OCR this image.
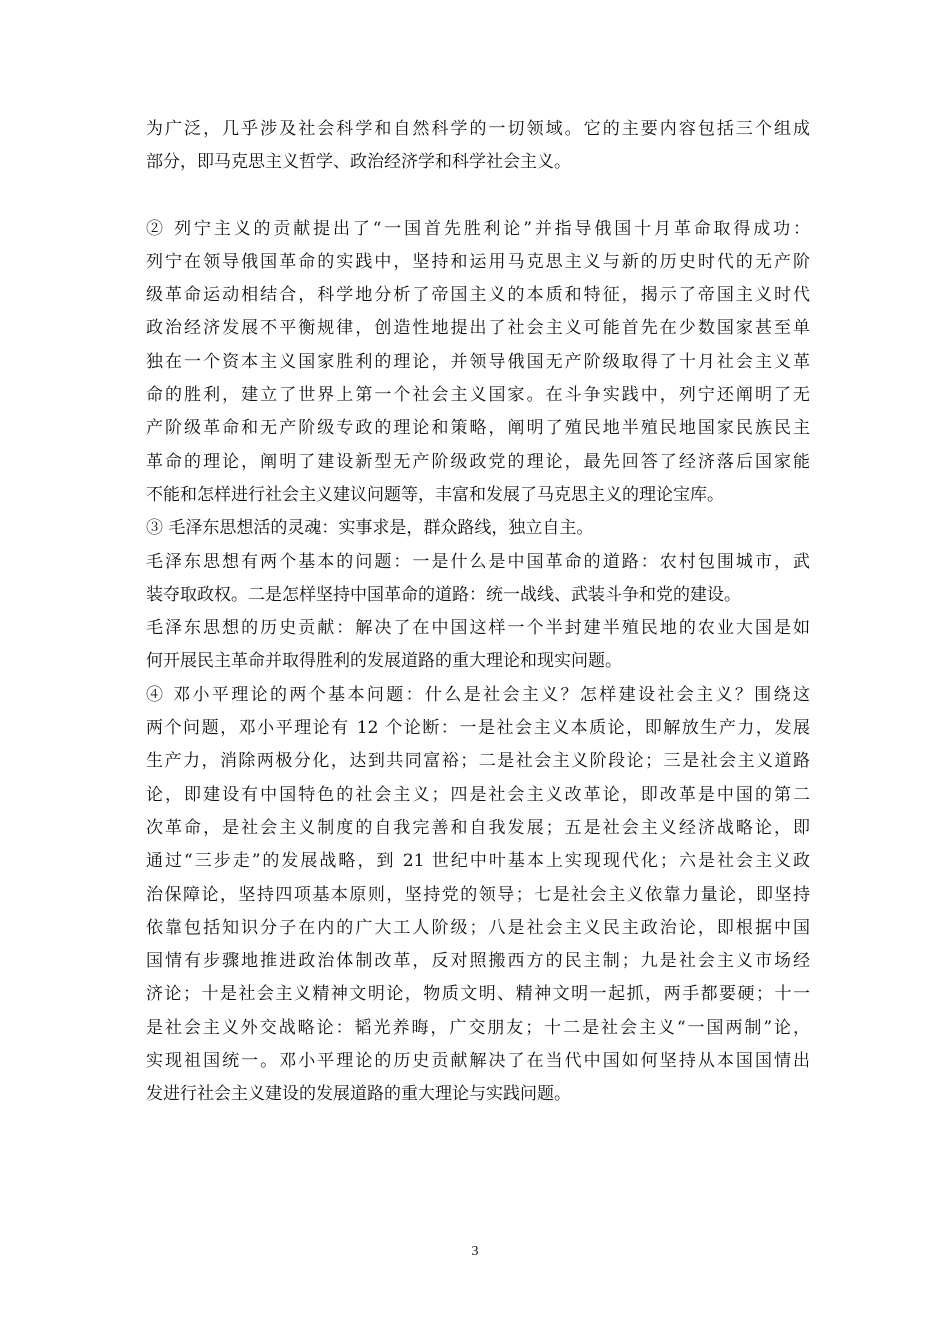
为广泛，几乎涉及社会科学和自然科学的一切领域。它的主要内容包括三个组成
部分，即马克思主义哲学、政治经济学和科学社会主义。
② 列宁主义的贡献提出了“一国首先胜利论”并指导俄国十月革命取得成功：
列宁在领导俄国革命的实践中，坚持和运用马克思主义与新的历史时代的无产阶
级革命运动相结合，科学地分析了帝国主义的本质和特征，揭示了帝国主义时代
政治经济发展不平衡规律，创造性地提出了社会主义可能首先在少数国家甚至单
独在一个资本主义国家胜利的理论，并领导俄国无产阶级取得了十月社会主义革
命的胜利，建立了世界上第一个社会主义国家。在斗争实践中，列宁还阐明了无
产阶级革命和无产阶级专政的理论和策略，阐明了殖民地半殖民地国家民族民主
革命的理论，阐明了建设新型无产阶级政党的理论，最先回答了经济落后国家能
不能和怎样进行社会主义建议问题等，丰富和发展了马克思主义的理论宝库。
③ 毛泽东思想活的灵魂：实事求是，群众路线，独立自主。
毛泽东思想有两个基本的问题：一是什么是中国革命的道路：农村包围城市，武
装夺取政权。二是怎样坚持中国革命的道路：统一战线、武装斗争和党的建设。
毛泽东思想的历史贡献：解决了在中国这样一个半封建半殖民地的农业大国是如
何开展民主革命并取得胜利的发展道路的重大理论和现实问题。
④ 邓小平理论的两个基本问题：什么是社会主义？怎样建设社会主义？围绕这
两个问题，邓小平理论有 12 个论断：一是社会主义本质论，即解放生产力，发展
生产力，消除两极分化，达到共同富裕；二是社会主义阶段论；三是社会主义道路
论，即建设有中国特色的社会主义；四是社会主义改革论，即改革是中国的第二
次革命，是社会主义制度的自我完善和自我发展；五是社会主义经济战略论，即
通过“三步走”的发展战略，到 21 世纪中叶基本上实现现代化；六是社会主义政
治保障论，坚持四项基本原则，坚持党的领导；七是社会主义依靠力量论，即坚持
依靠包括知识分子在内的广大工人阶级；八是社会主义民主政治论，即根据中国
国情有步骤地推进政治体制改革，反对照搬西方的民主制；九是社会主义市场经
济论；十是社会主义精神文明论，物质文明、精神文明一起抓，两手都要硬；十一
是社会主义外交战略论：韬光养晦，广交朋友；十二是社会主义“一国两制”论，
实现祖国统一。邓小平理论的历史贡献解决了在当代中国如何坚持从本国国情出
发进行社会主义建设的发展道路的重大理论与实践问题。
3
